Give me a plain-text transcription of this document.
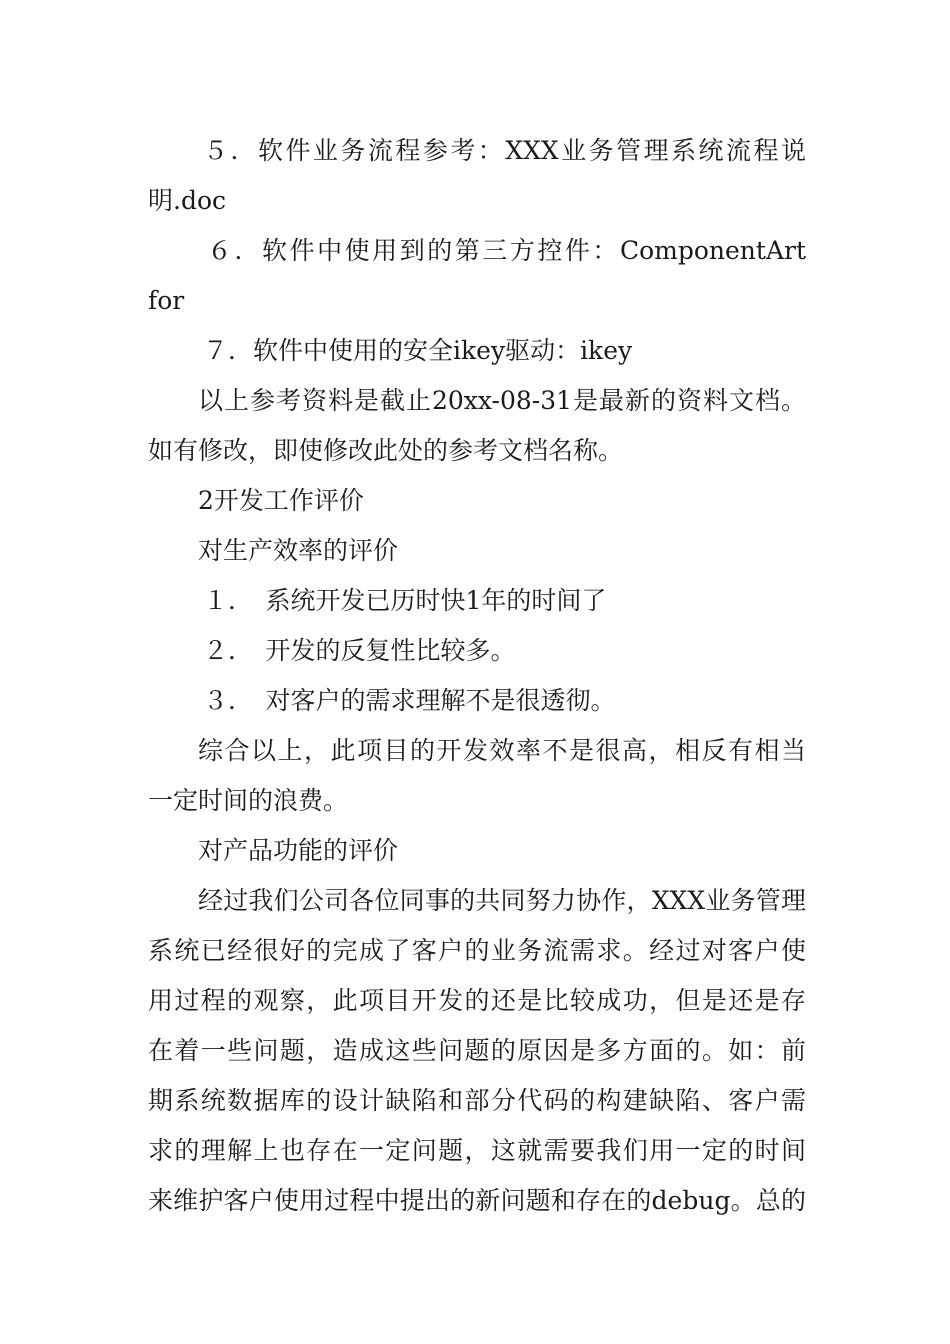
５．软件业务流程参考：XXX业务管理系统流程说
明.doc
６．软件中使用到的第三方控件：ComponentArt
for
７．软件中使用的安全ikey驱动：ikey
以上参考资料是截止20xx-08-31是最新的资料文档。
如有修改，即使修改此处的参考文档名称。
2开发工作评价
对生产效率的评价
１．　系统开发已历时快1年的时间了
２．　开发的反复性比较多。
３．　对客户的需求理解不是很透彻。
综合以上，此项目的开发效率不是很高，相反有相当
一定时间的浪费。
对产品功能的评价
经过我们公司各位同事的共同努力协作，XXX业务管理
系统已经很好的完成了客户的业务流需求。经过对客户使
用过程的观察，此项目开发的还是比较成功，但是还是存
在着一些问题，造成这些问题的原因是多方面的。如：前
期系统数据库的设计缺陷和部分代码的构建缺陷、客户需
求的理解上也存在一定问题，这就需要我们用一定的时间
来维护客户使用过程中提出的新问题和存在的debug。总的
